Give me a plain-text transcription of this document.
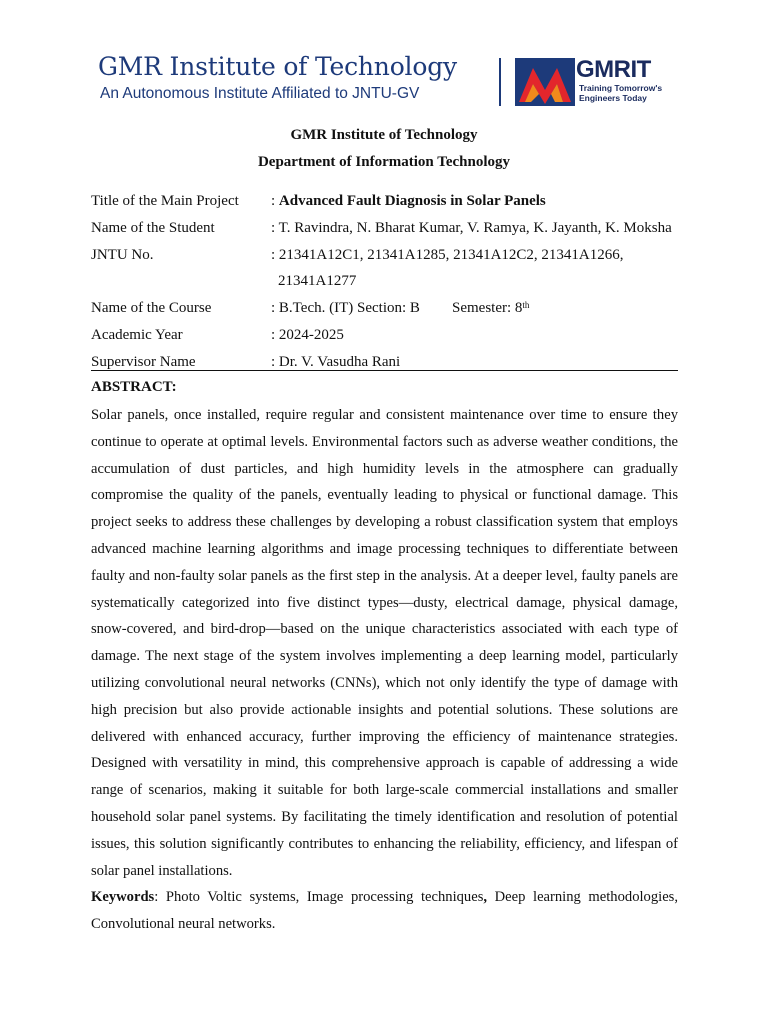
GMR Institute of Technology
An Autonomous Institute Affiliated to JNTU-GV
GMRIT
Training Tomorrow's Engineers Today
GMR Institute of Technology
Department of Information Technology
Title of the Main Project : Advanced Fault Diagnosis in Solar Panels
Name of the Student	: T. Ravindra, N. Bharat Kumar, V. Ramya, K. Jayanth, K. Moksha
JNTU No.	: 21341A12C1, 21341A1285, 21341A12C2, 21341A1266,
21341A1277
Name of the Course	: B.Tech. (IT) Section: B Semester: 8th
Academic Year	: 2024-2025
Supervisor Name	: Dr. V. Vasudha Rani
ABSTRACT:

Solar panels, once installed, require regular and consistent maintenance over time to ensure they continue to operate at optimal levels. Environmental factors such as adverse weather conditions, the accumulation of dust particles, and high humidity levels in the atmosphere can gradually compromise the quality of the panels, eventually leading to physical or functional damage. This project seeks to address these challenges by developing a robust classification system that employs advanced machine learning algorithms and image processing techniques to differentiate between faulty and non-faulty solar panels as the first step in the analysis. At a deeper level, faulty panels are systematically categorized into five distinct types—dusty, electrical damage, physical damage, snow-covered, and bird-drop—based on the unique characteristics associated with each type of damage. The next stage of the system involves implementing a deep learning model, particularly utilizing convolutional neural networks (CNNs), which not only identify the type of damage with high precision but also provide actionable insights and potential solutions. These solutions are delivered with enhanced accuracy, further improving the efficiency of maintenance strategies. Designed with versatility in mind, this comprehensive approach is capable of addressing a wide range of scenarios, making it suitable for both large-scale commercial installations and smaller household solar panel systems. By facilitating the timely identification and resolution of potential issues, this solution significantly contributes to enhancing the reliability, efficiency, and lifespan of solar panel installations.

Keywords: Photo Voltic systems, Image processing techniques, Deep learning methodologies, Convolutional neural networks.
